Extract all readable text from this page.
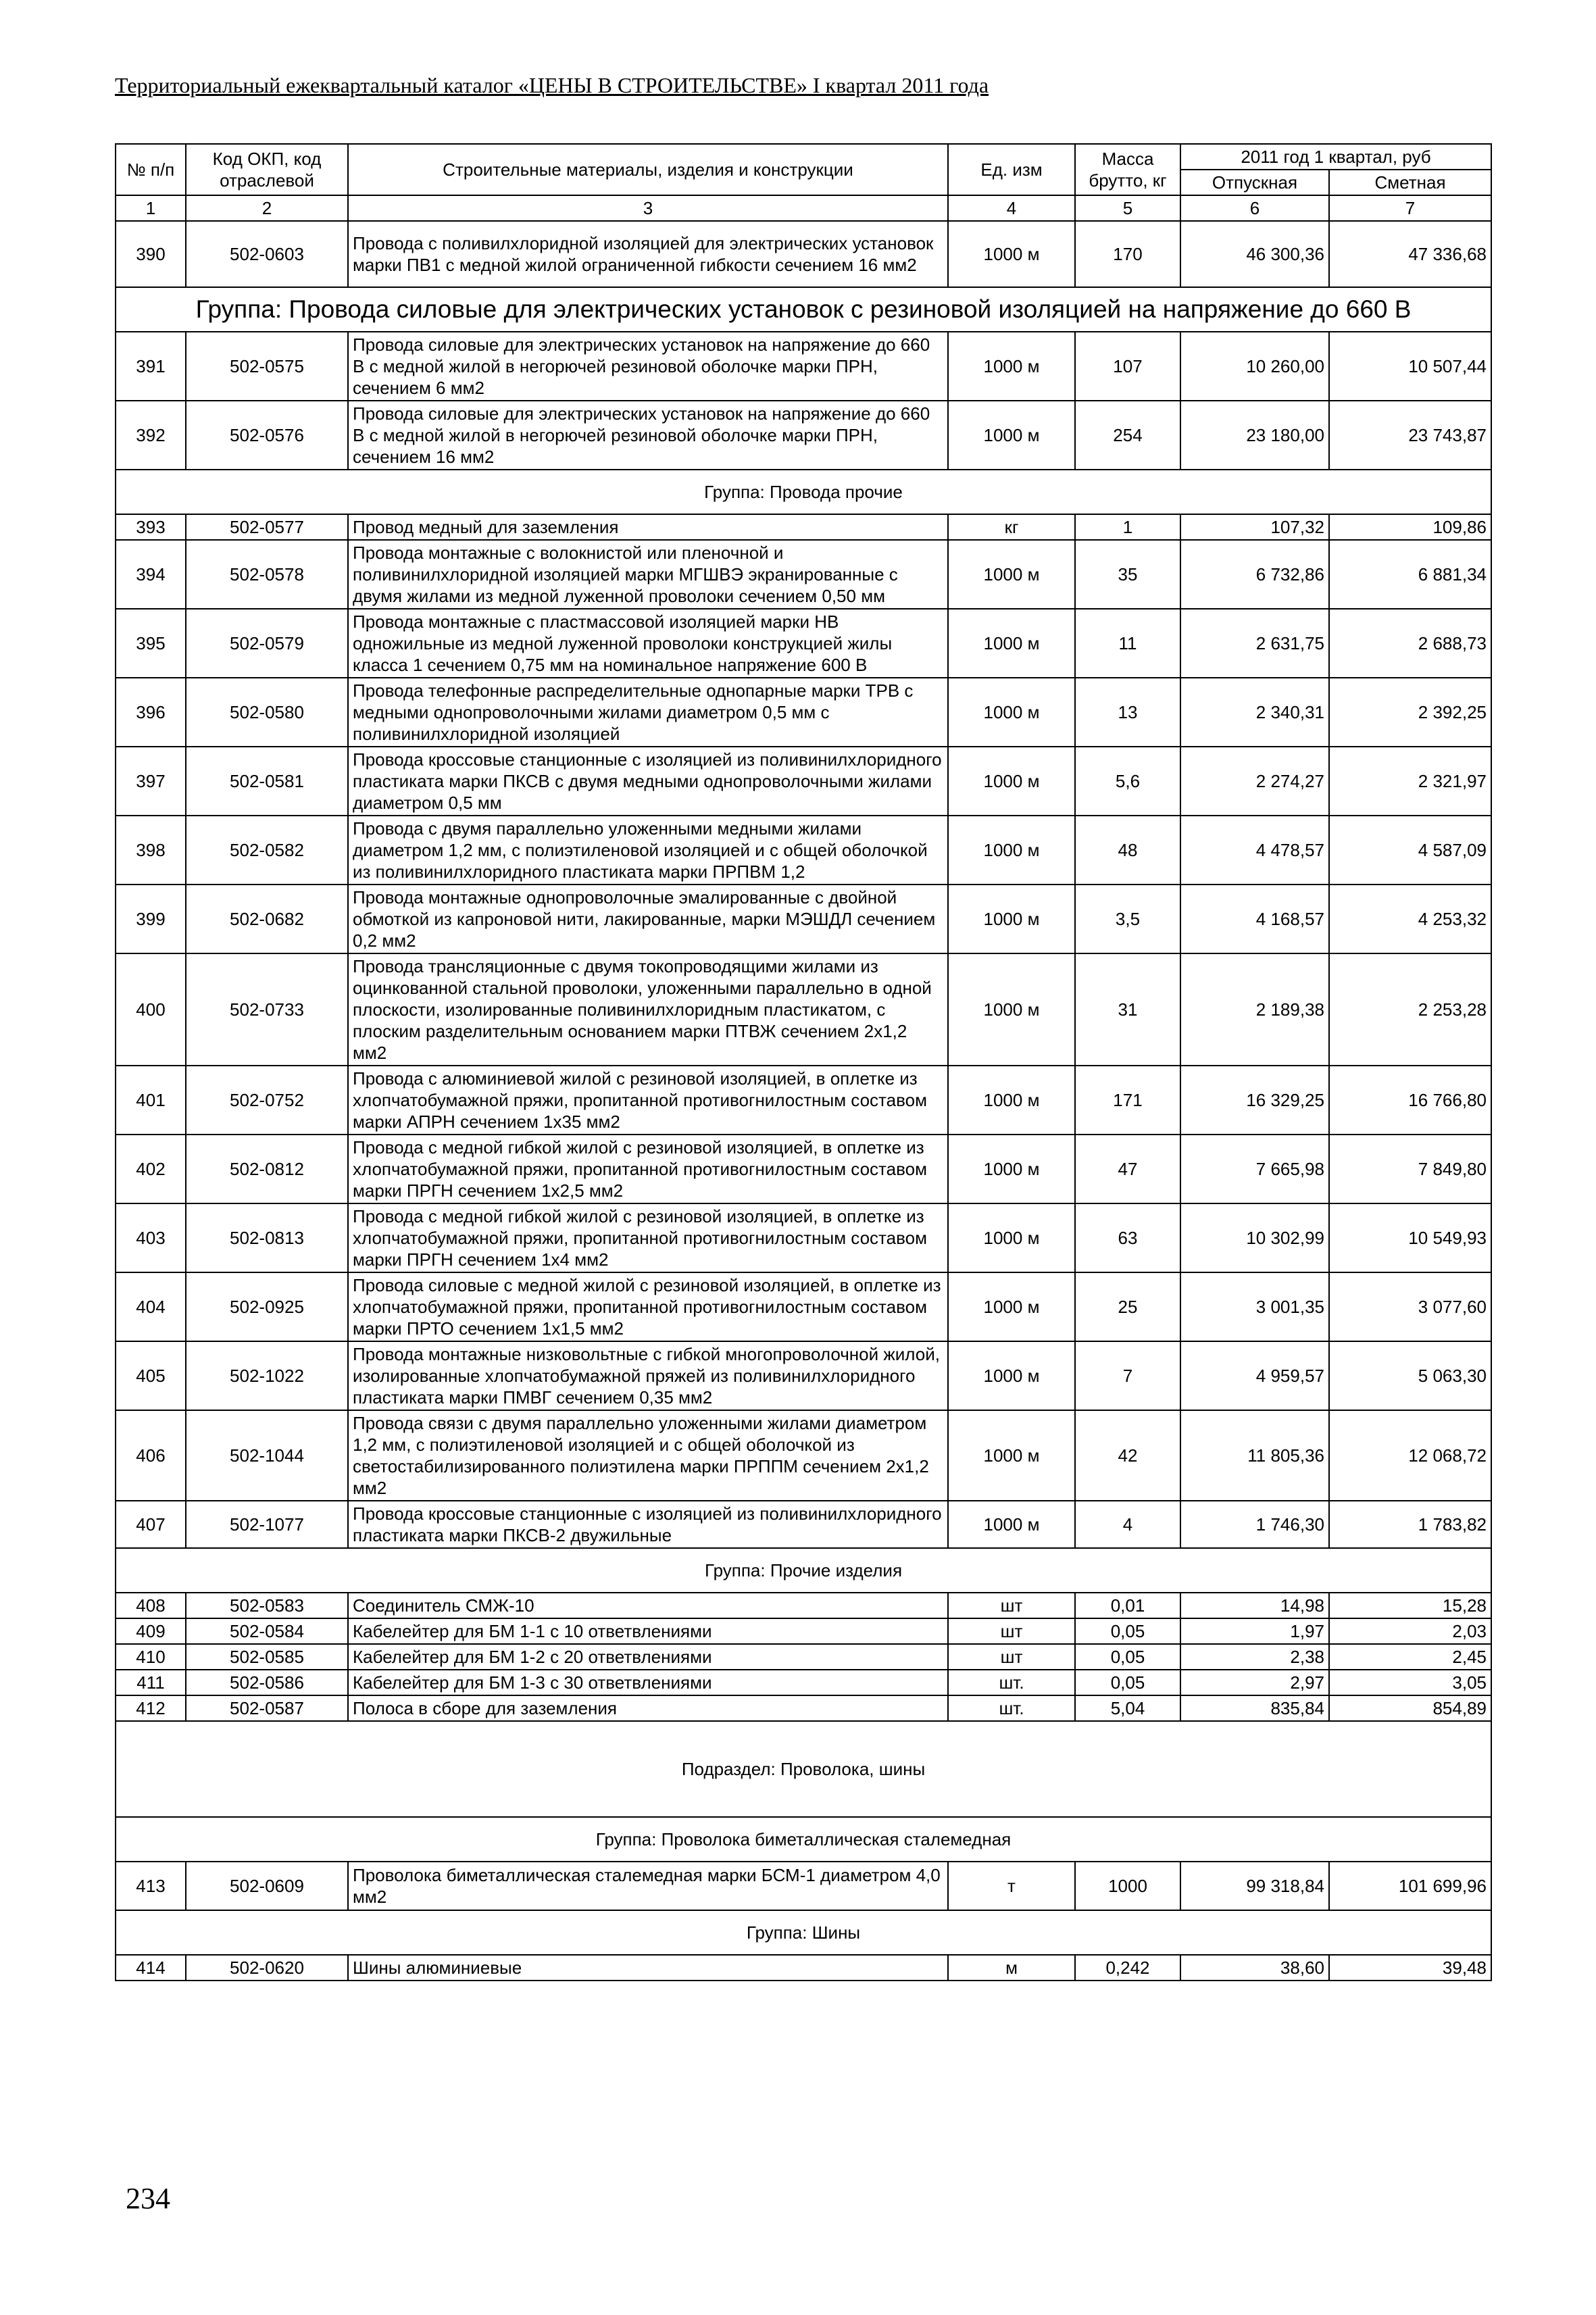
Территориальный ежеквартальный каталог «ЦЕНЫ В СТРОИТЕЛЬСТВЕ» I квартал 2011 года
№ п/п	Код ОКП, код отраслевой	Строительные материалы, изделия и конструкции	Ед. изм	Масса брутто, кг	2011 год 1 квартал, руб	
					Отпускная	Сметная
1	2	3	4	5	6	7
390	502-0603	Провода с поливилхлоридной изоляцией для электрических установок марки ПВ1 с медной жилой ограниченной гибкости сечением 16 мм2	1000 м	170	46 300,36	47 336,68
Группа: Провода силовые для электрических установок с резиновой изоляцией на напряжение до 660 В						
391	502-0575	Провода силовые для электрических установок на напряжение до 660 В с медной жилой в негорючей резиновой оболочке марки ПРН, сечением 6 мм2	1000 м	107	10 260,00	10 507,44
392	502-0576	Провода силовые для электрических установок на напряжение до 660 В с медной жилой в негорючей резиновой оболочке марки ПРН, сечением 16 мм2	1000 м	254	23 180,00	23 743,87
Группа: Провода прочие						
393	502-0577	Провод медный для заземления	кг	1	107,32	109,86
394	502-0578	Провода монтажные с волокнистой или пленочной и поливинилхлоридной изоляцией марки МГШВЭ экранированные с двумя жилами из медной луженной проволоки сечением 0,50 мм	1000 м	35	6 732,86	6 881,34
395	502-0579	Провода монтажные с пластмассовой изоляцией марки НВ одножильные из медной луженной проволоки конструкцией жилы класса 1 сечением 0,75 мм на номинальное напряжение 600 В	1000 м	11	2 631,75	2 688,73
396	502-0580	Провода телефонные распределительные однопарные марки ТРВ с медными однопроволочными жилами диаметром 0,5 мм с поливинилхлоридной изоляцией	1000 м	13	2 340,31	2 392,25
397	502-0581	Провода кроссовые станционные с изоляцией из поливинилхлоридного пластиката марки ПКСВ с двумя медными однопроволочными жилами диаметром 0,5 мм	1000 м	5,6	2 274,27	2 321,97
398	502-0582	Провода с двумя параллельно уложенными медными жилами диаметром 1,2 мм, с полиэтиленовой изоляцией и с общей оболочкой из поливинилхлоридного пластиката марки ПРПВМ 1,2	1000 м	48	4 478,57	4 587,09
399	502-0682	Провода монтажные однопроволочные эмалированные с двойной обмоткой из капроновой нити, лакированные, марки МЭШДЛ сечением 0,2 мм2	1000 м	3,5	4 168,57	4 253,32
400	502-0733	Провода трансляционные с двумя токопроводящими жилами из оцинкованной стальной проволоки, уложенными параллельно в одной плоскости, изолированные поливинилхлоридным пластикатом, с плоским разделительным основанием марки ПТВЖ сечением 2х1,2 мм2	1000 м	31	2 189,38	2 253,28
401	502-0752	Провода с алюминиевой жилой с резиновой изоляцией, в оплетке из хлопчатобумажной пряжи, пропитанной противогнилостным составом марки АПРН сечением 1х35 мм2	1000 м	171	16 329,25	16 766,80
402	502-0812	Провода с медной гибкой жилой с резиновой изоляцией, в оплетке из хлопчатобумажной пряжи, пропитанной противогнилостным составом марки ПРГН сечением 1х2,5 мм2	1000 м	47	7 665,98	7 849,80
403	502-0813	Провода с медной гибкой жилой с резиновой изоляцией, в оплетке из хлопчатобумажной пряжи, пропитанной противогнилостным составом марки ПРГН сечением 1х4 мм2	1000 м	63	10 302,99	10 549,93
404	502-0925	Провода силовые с медной жилой с резиновой изоляцией, в оплетке из хлопчатобумажной пряжи, пропитанной противогнилостным составом марки ПРТО сечением 1х1,5 мм2	1000 м	25	3 001,35	3 077,60
405	502-1022	Провода монтажные низковольтные с гибкой многопроволочной жилой, изолированные хлопчатобумажной пряжей из поливинилхлоридного пластиката марки ПМВГ сечением 0,35 мм2	1000 м	7	4 959,57	5 063,30
406	502-1044	Провода связи с двумя параллельно уложенными жилами диаметром 1,2 мм, с полиэтиленовой изоляцией и с общей оболочкой из светостабилизированного полиэтилена марки ПРППМ сечением 2х1,2 мм2	1000 м	42	11 805,36	12 068,72
407	502-1077	Провода кроссовые станционные с изоляцией из поливинилхлоридного пластиката марки ПКСВ-2 двужильные	1000 м	4	1 746,30	1 783,82
Группа: Прочие изделия						
408	502-0583	Соединитель СМЖ-10	шт	0,01	14,98	15,28
409	502-0584	Кабелейтер для БМ 1-1 с 10 ответвлениями	шт	0,05	1,97	2,03
410	502-0585	Кабелейтер для БМ 1-2 с 20 ответвлениями	шт	0,05	2,38	2,45
411	502-0586	Кабелейтер для БМ 1-3 с 30 ответвлениями	шт.	0,05	2,97	3,05
412	502-0587	Полоса в сборе для заземления	шт.	5,04	835,84	854,89
Подраздел: Проволока, шины						
Группа: Проволока биметаллическая сталемедная						
413	502-0609	Проволока биметаллическая сталемедная марки БСМ-1 диаметром 4,0 мм2	т	1000	99 318,84	101 699,96
Группа: Шины						
414	502-0620	Шины алюминиевые	м	0,242	38,60	39,48
234
